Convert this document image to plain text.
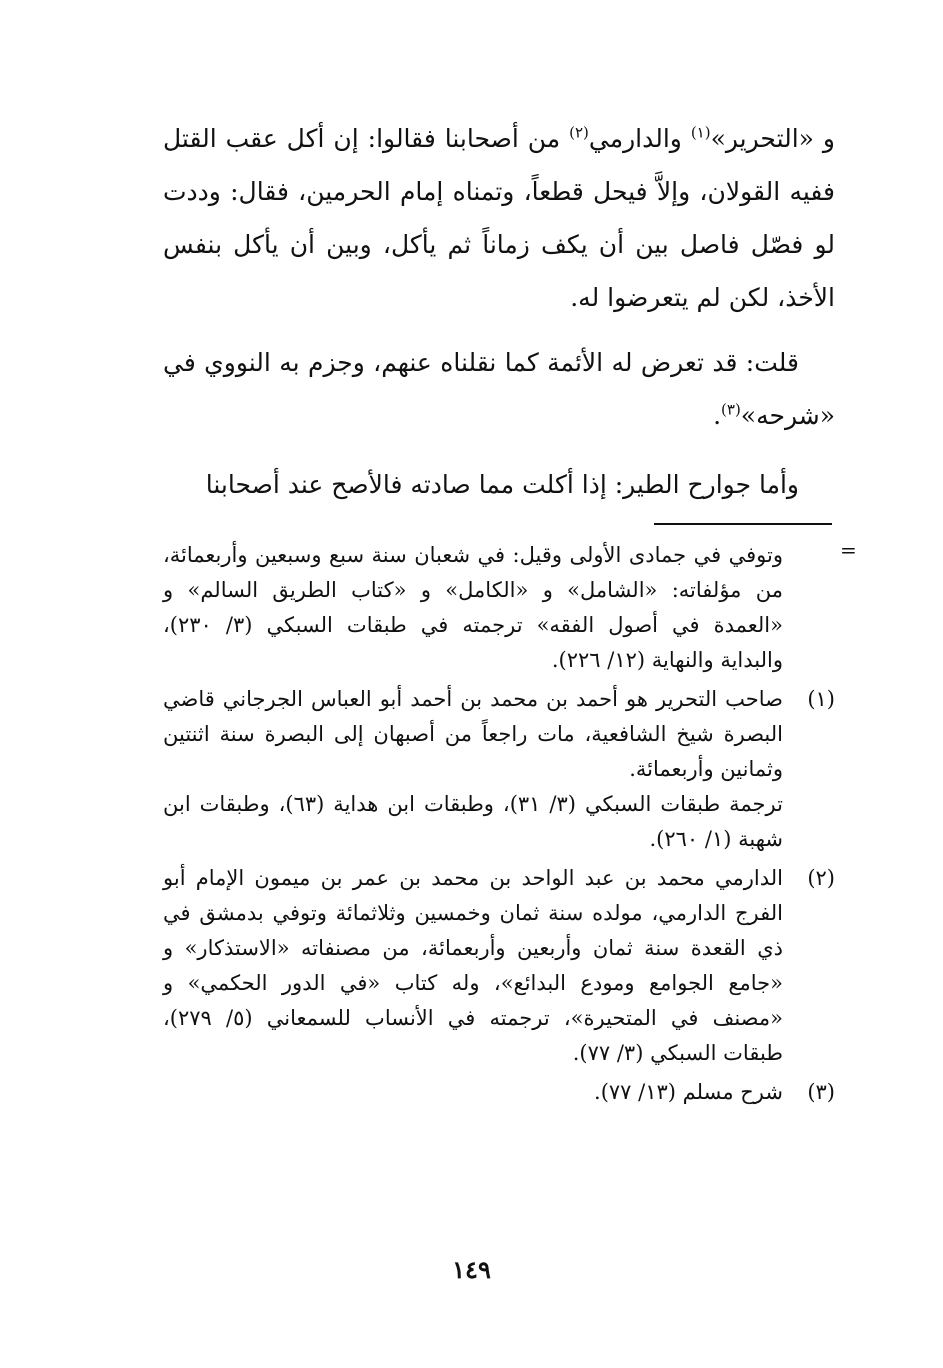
و «التحرير»$^{(١)}$ والدارمي$^{(٢)}$ من أصحابنا فقالوا: إن أكل عقب القتل ففيه القولان، وإلاَّ فيحل قطعاً، وتمناه إمام الحرمين، فقال: وددت لو فصّل فاصل بين أن يكف زماناً ثم يأكل، وبين أن يأكل بنفس الأخذ، لكن لم يتعرضوا له.

قلت: قد تعرض له الأئمة كما نقلناه عنهم، وجزم به النووي في «شرحه»$^{(٣)}$.

وأما جوارح الطير: إذا أكلت مما صادته فالأصح عند أصحابنا

=
وتوفي في جمادى الأولى وقيل: في شعبان سنة سبع وسبعين وأربعمائة، من مؤلفاته: «الشامل» و «الكامل» و «كتاب الطريق السالم» و «العمدة في أصول الفقه» ترجمته في طبقات السبكي (٣/ ٢٣٠)، والبداية والنهاية (١٢/ ٢٢٦).
(١)
صاحب التحرير هو أحمد بن محمد بن أحمد أبو العباس الجرجاني قاضي البصرة شيخ الشافعية، مات راجعاً من أصبهان إلى البصرة سنة اثنتين وثمانين وأربعمائة.
ترجمة طبقات السبكي (٣/ ٣١)، وطبقات ابن هداية (٦٣)، وطبقات ابن شهبة (١/ ٢٦٠).
(٢)
الدارمي محمد بن عبد الواحد بن محمد بن عمر بن ميمون الإمام أبو الفرج الدارمي، مولده سنة ثمان وخمسين وثلاثمائة وتوفي بدمشق في ذي القعدة سنة ثمان وأربعين وأربعمائة، من مصنفاته «الاستذكار» و «جامع الجوامع ومودع البدائع»، وله كتاب «في الدور الحكمي» و «مصنف في المتحيرة»، ترجمته في الأنساب للسمعاني (٥/ ٢٧٩)، طبقات السبكي (٣/ ٧٧).
(٣)
شرح مسلم (١٣/ ٧٧).
١٤٩
